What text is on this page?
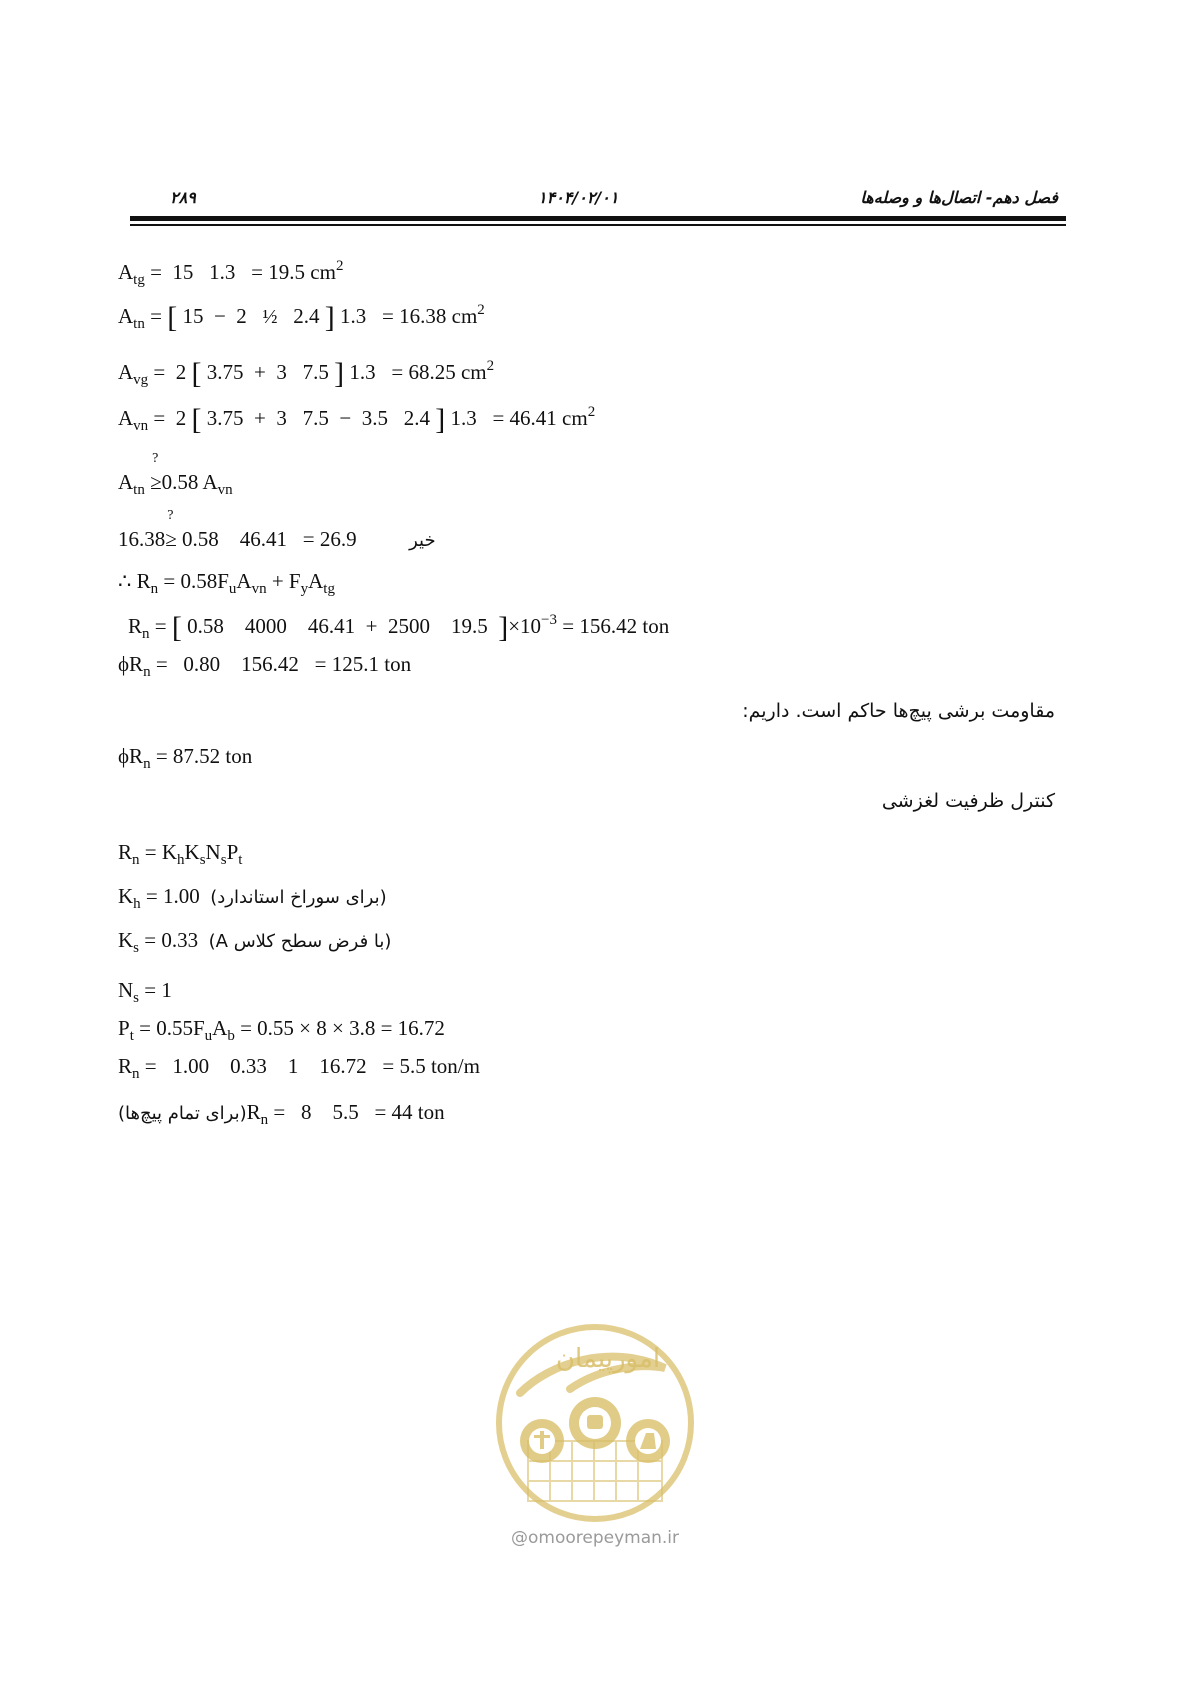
فصل دهم- اتصال‌ها و وصله‌ها
۱۴۰۴/۰۲/۰۱
۲۸۹
$A_{tg} = 15$   1.3   = 19.5 $cm^2$
$A_{tn}$ = [ 15  −  2   ½   2.4 ] 1.3   = 16.38 $cm^2$
$A_{vg} = 2$ [ 3.75  +  3   7.5 ] 1.3   = 68.25 $cm^2$
$A_{vn} = 2$ [ 3.75  +  3   7.5  −  3.5   2.4 ] 1.3   = 46.41 $cm^2$
$A_{tn}$ ≥
?
0.58 $A_{vn}$
16.38≥
?
0.58    46.41   = 26.9	خیر
∴ $R_n = 0.58F_uA_{vn} + F_yA_{tg}$
$R_n$ = [ 0.58    4000    46.41  +  2500    19.5  ]$\times 10^{-3} = 156.42$ ton
$\phi R_n = 0.80$    156.42   = 125.1 ton
مقاومت برشی پیچ‌ها حاکم است. داریم:
$\phi R_n = 87.52$ ton
کنترل ظرفیت لغزشی
$R_n = K_hK_sN_sP_t$
$K_h = 1.00$  (برای سوراخ استاندارد)
$K_s = 0.33$  (با فرض سطح کلاس A)
$N_s = 1$
$P_t = 0.55F_uA_b = 0.55 \times 8 \times 3.8 = 16.72$
$R_n = 1.00$    0.33    1    16.72   = 5.5 ton/m
(برای تمام $پیچ‌ها)R_n = 8$    5.5   = 44 ton
امورپیمان
@omoorepeyman.ir
